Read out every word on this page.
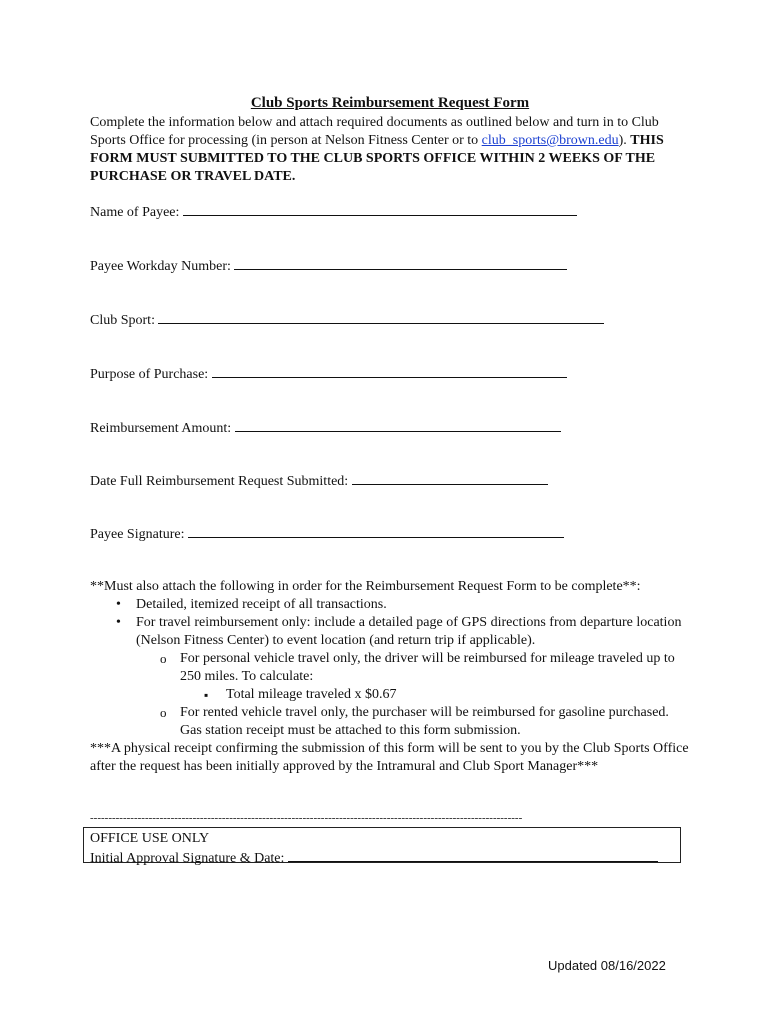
Club Sports Reimbursement Request Form

Complete the information below and attach required documents as outlined below and turn in to Club Sports Office for processing (in person at Nelson Fitness Center or to club_sports@brown.edu). THIS FORM MUST SUBMITTED TO THE CLUB SPORTS OFFICE WITHIN 2 WEEKS OF THE PURCHASE OR TRAVEL DATE.

Name of Payee:
Payee Workday Number:
Club Sport:
Purpose of Purchase:
Reimbursement Amount:
Date Full Reimbursement Request Submitted:
Payee Signature:

**Must also attach the following in order for the Reimbursement Request Form to be complete**:

• Detailed, itemized receipt of all transactions.
• For travel reimbursement only: include a detailed page of GPS directions from departure location (Nelson Fitness Center) to event location (and return trip if applicable).
o For personal vehicle travel only, the driver will be reimbursed for mileage traveled up to 250 miles. To calculate:
▪ Total mileage traveled x $0.67
o For rented vehicle travel only, the purchaser will be reimbursed for gasoline purchased. Gas station receipt must be attached to this form submission.

***A physical receipt confirming the submission of this form will be sent to you by the Club Sports Office after the request has been initially approved by the Intramural and Club Sport Manager***

----------------------------------------------------------------------------------------------------------------------
OFFICE USE ONLY
Initial Approval Signature & Date:
Updated 08/16/2022
